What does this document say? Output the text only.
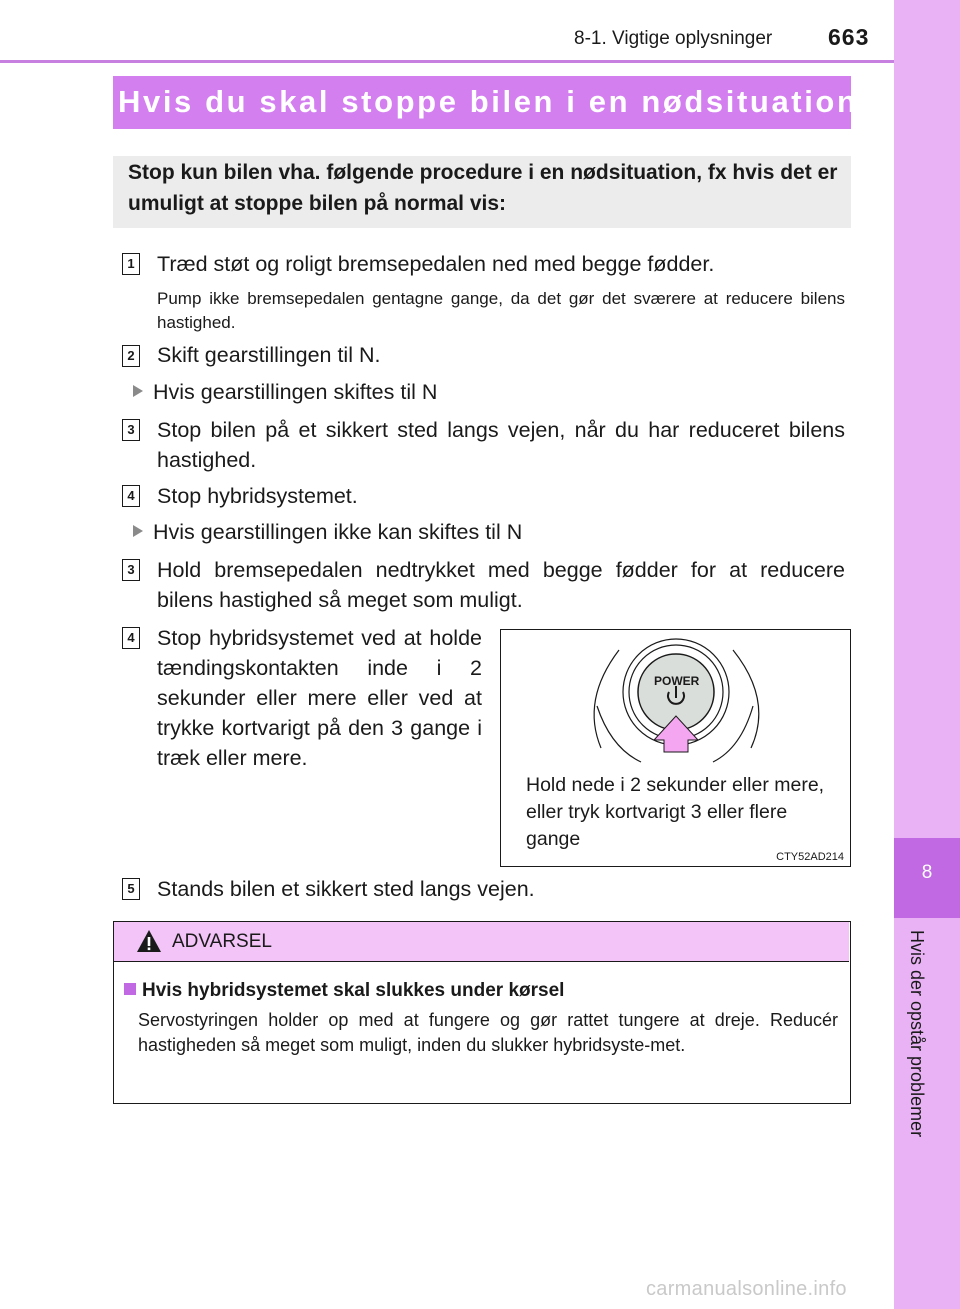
8-1. Vigtige oplysninger 663
8
Hvis der opstår problemer
Hvis du skal stoppe bilen i en nødsituation
Stop kun bilen vha. følgende procedure i en nødsituation, fx hvis det er umuligt at stoppe bilen på normal vis:
1 Træd støt og roligt bremsepedalen ned med begge fødder.
Pump ikke bremsepedalen gentagne gange, da det gør det sværere at reducere bilens hastighed.
2 Skift gearstillingen til N.
Hvis gearstillingen skiftes til N
3 Stop bilen på et sikkert sted langs vejen, når du har reduceret bilens hastighed.
4 Stop hybridsystemet.
Hvis gearstillingen ikke kan skiftes til N
3 Hold bremsepedalen nedtrykket med begge fødder for at reducere bilens hastighed så meget som muligt.
4 Stop hybridsystemet ved at holde tændingskontakten inde i 2 sekunder eller mere eller ved at trykke kortvarigt på den 3 gange i træk eller mere.
POWER
Hold nede i 2 sekunder eller mere, eller tryk kortvarigt 3 eller flere gange
CTY52AD214
5 Stands bilen et sikkert sted langs vejen.
ADVARSEL
Hvis hybridsystemet skal slukkes under kørsel
Servostyringen holder op med at fungere og gør rattet tungere at dreje. Reducér hastigheden så meget som muligt, inden du slukker hybridsyste-met.
carmanualsonline.info
